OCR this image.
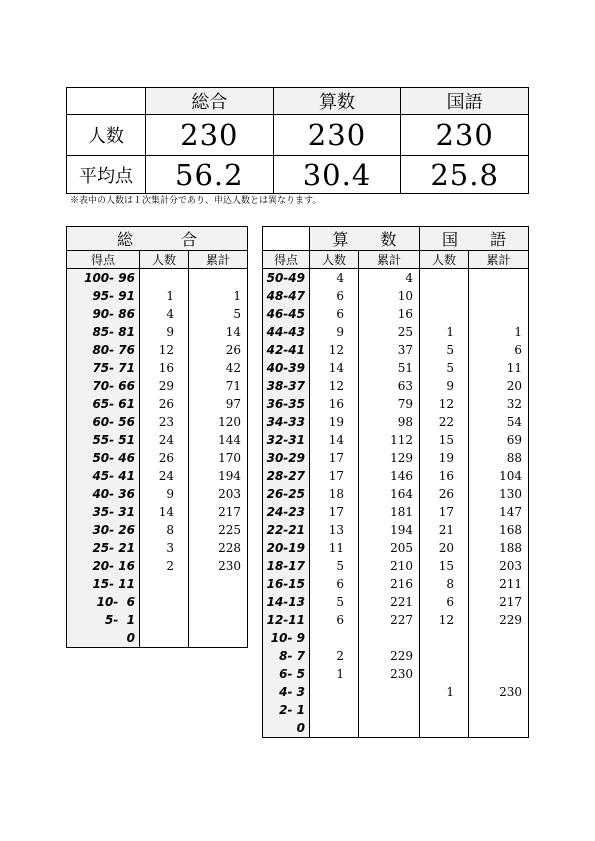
	総合	算数	国語
人数	230	230	230
平均点	56.2	30.4	25.8
※表中の人数は１次集計分であり、申込人数とは異なります。
総　　　合		
得点	人数	累計
100- 96		
95- 91	1	1
90- 86	4	5
85- 81	9	14
80- 76	12	26
75- 71	16	42
70- 66	29	71
65- 61	26	97
60- 56	23	120
55- 51	24	144
50- 46	26	170
45- 41	24	194
40- 36	9	203
35- 31	14	217
30- 26	8	225
25- 21	3	228
20- 16	2	230
15- 11		
10-  6		
5-  1		
0		
	算　　数		国　　語	
得点	人数	累計	人数	累計
50-49	4	4		
48-47	6	10		
46-45	6	16		
44-43	9	25	1	1
42-41	12	37	5	6
40-39	14	51	5	11
38-37	12	63	9	20
36-35	16	79	12	32
34-33	19	98	22	54
32-31	14	112	15	69
30-29	17	129	19	88
28-27	17	146	16	104
26-25	18	164	26	130
24-23	17	181	17	147
22-21	13	194	21	168
20-19	11	205	20	188
18-17	5	210	15	203
16-15	6	216	8	211
14-13	5	221	6	217
12-11	6	227	12	229
10- 9				
8- 7	2	229		
6- 5	1	230		
4- 3			1	230
2- 1				
0				
